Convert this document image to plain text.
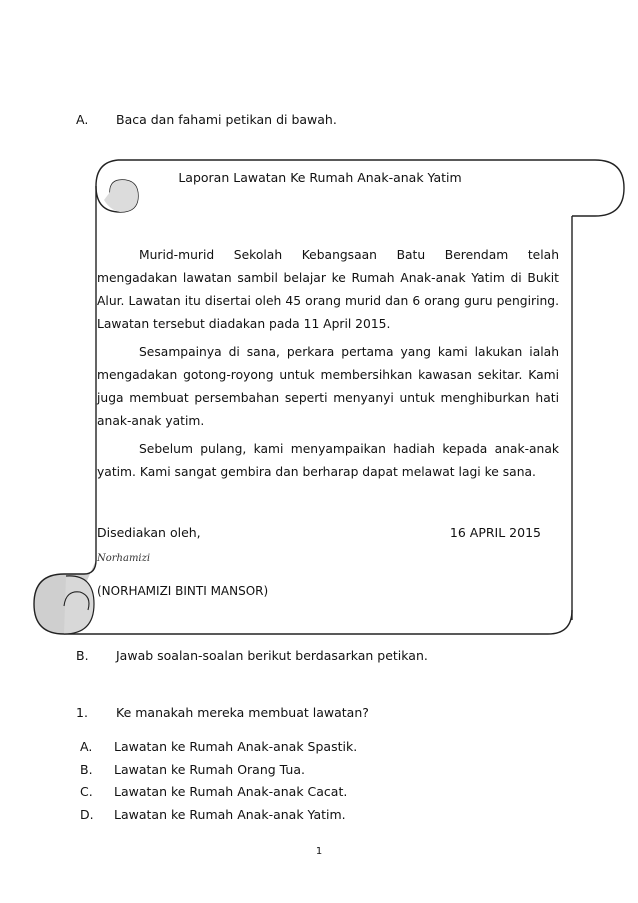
A. Baca dan fahami petikan di bawah.
Laporan Lawatan Ke Rumah Anak-anak Yatim

Murid-murid Sekolah Kebangsaan Batu Berendam telah mengadakan lawatan sambil belajar ke Rumah Anak-anak Yatim di Bukit Alur. Lawatan itu disertai oleh 45 orang murid dan 6 orang guru pengiring. Lawatan tersebut diadakan pada 11 April 2015.

Sesampainya di sana, perkara pertama yang kami lakukan ialah mengadakan gotong-royong untuk membersihkan kawasan sekitar. Kami juga membuat persembahan seperti menyanyi untuk menghiburkan hati anak-anak yatim.

Sebelum pulang, kami menyampaikan hadiah kepada anak-anak yatim. Kami sangat gembira dan berharap dapat melawat lagi ke sana.

Disediakan oleh,	16 APRIL 2015
Norhamizi
(NORHAMIZI BINTI MANSOR)
B. Jawab soalan-soalan berikut berdasarkan petikan.
1. Ke manakah mereka membuat lawatan?
A.	Lawatan ke Rumah Anak-anak Spastik.
B.	Lawatan ke Rumah Orang Tua.
C.	Lawatan ke Rumah Anak-anak Cacat.
D.	Lawatan ke Rumah Anak-anak Yatim.
1
